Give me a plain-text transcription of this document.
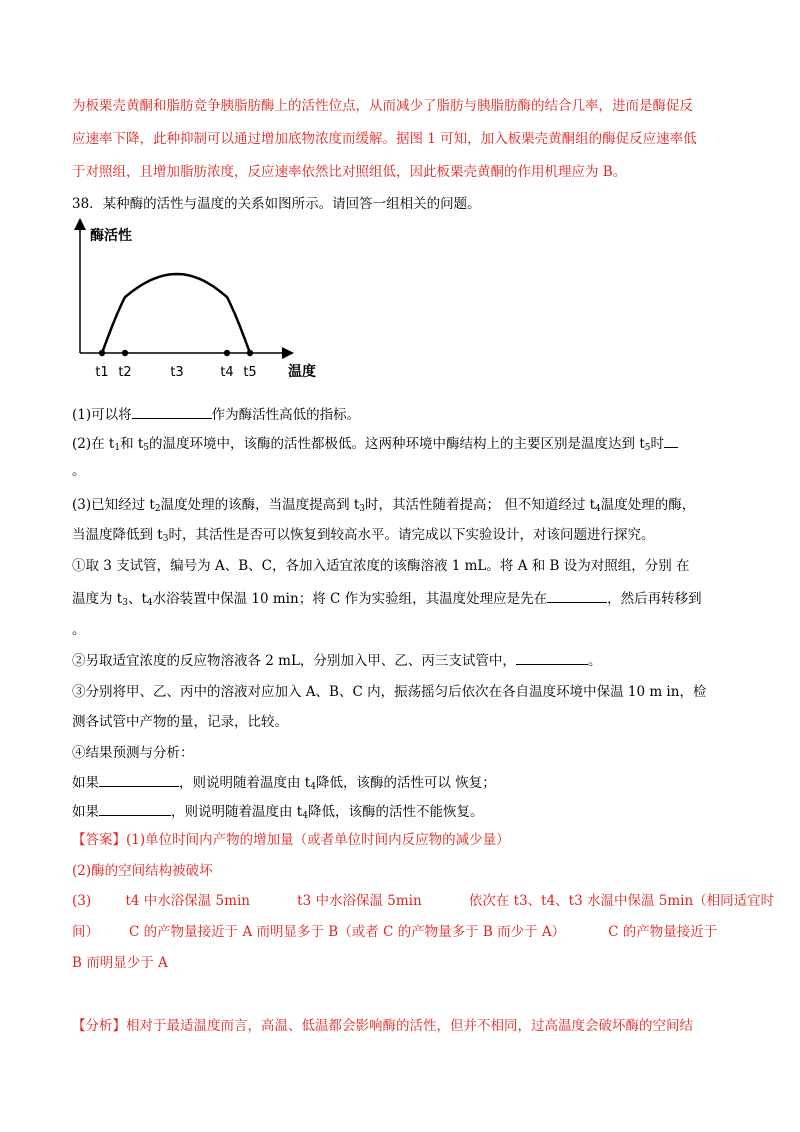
为板栗壳黄酮和脂肪竞争胰脂肪酶上的活性位点，从而减少了脂肪与胰脂肪酶的结合几率，进而是酶促反
应速率下降，此种抑制可以通过增加底物浓度而缓解。据图 1 可知，加入板栗壳黄酮组的酶促反应速率低
于对照组，且增加脂肪浓度，反应速率依然比对照组低，因此板栗壳黄酮的作用机理应为 B。
38．某种酶的活性与温度的关系如图所示。请回答一组相关的问题。
酶活性
温度
t1 t2	t3	t4 t5
(1)可以将	作为酶活性高低的指标。
(2)在 $t_1$和 $t_5$的温度环境中，该酶的活性都极低。这两种环境中酶结构上的主要区别是温度达到 $t_5$时
。
(3)已知经过 $t_2$温度处理的该酶，当温度提高到 $t_3$时，其活性随着提高； 但不知道经过 $t_4$温度处理的酶，
当温度降低到 $t_3$时，其活性是否可以恢复到较高水平。请完成以下实验设计，对该问题进行探究。
①取 3 支试管，编号为 A、B、C，各加入适宜浓度的该酶溶液 1 mL。将 A 和 B 设为对照组，分别 在
温度为 $t_3$、$t_4$水浴装置中保温 10 min；将 C 作为实验组，其温度处理应是先在	，然后再转移到
。
②另取适宜浓度的反应物溶液各 2 mL，分别加入甲、乙、丙三支试管中，	。
③分别将甲、乙、丙中的溶液对应加入 A、B、C 内，振荡摇匀后依次在各自温度环境中保温 10 m in，检
测各试管中产物的量，记录，比较。
④结果预测与分析：
如果	，则说明随着温度由 $t_4$降低，该酶的活性可以 恢复；
如果	，则说明随着温度由 $t_4$降低，该酶的活性不能恢复。
【答案】(1)单位时间内产物的增加量（或者单位时间内反应物的减少量）
(2)酶的空间结构被破坏
(3)        t4 中水浴保温 5min           t3 中水浴保温 5min           依次在 t3、t4、t3 水温中保温 5min（相同适宜时
间）       C 的产物量接近于 A 而明显多于 B（或者 C 的产物量多于 B 而少于 A）          C 的产物量接近于
B 而明显少于 A
【分析】相对于最适温度而言，高温、低温都会影响酶的活性，但并不相同，过高温度会破坏酶的空间结
